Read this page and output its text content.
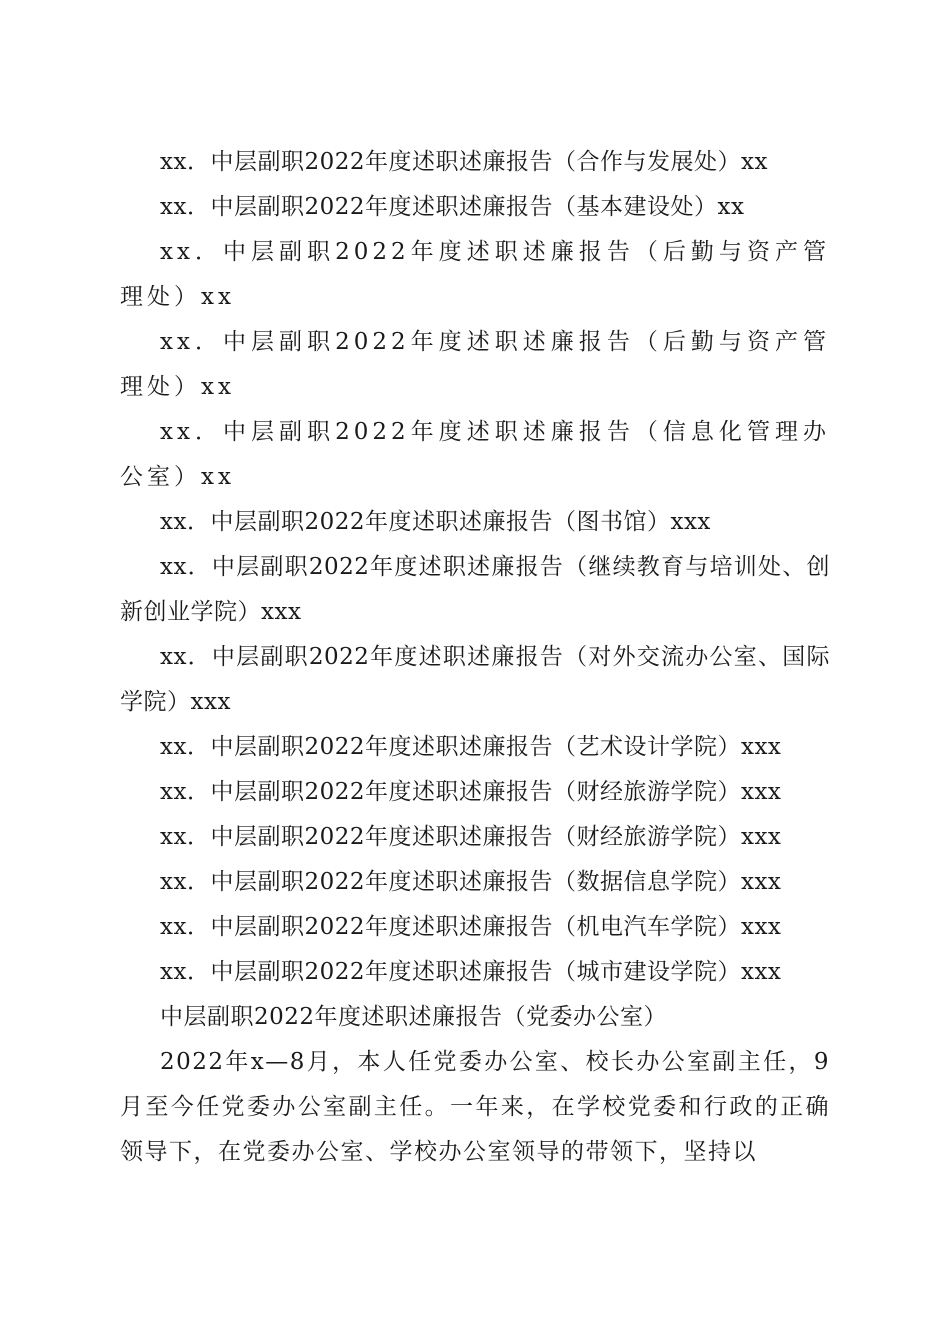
xx．中层副职2022年度述职述廉报告（合作与发展处）xx

xx．中层副职2022年度述职述廉报告（基本建设处）xx

xx．中层副职2022年度述职述廉报告（后勤与资产管理处）xx

xx．中层副职2022年度述职述廉报告（后勤与资产管理处）xx

xx．中层副职2022年度述职述廉报告（信息化管理办公室）xx

xx．中层副职2022年度述职述廉报告（图书馆）xxx

xx．中层副职2022年度述职述廉报告（继续教育与培训处、创新创业学院）xxx

xx．中层副职2022年度述职述廉报告（对外交流办公室、国际学院）xxx

xx．中层副职2022年度述职述廉报告（艺术设计学院）xxx

xx．中层副职2022年度述职述廉报告（财经旅游学院）xxx

xx．中层副职2022年度述职述廉报告（财经旅游学院）xxx

xx．中层副职2022年度述职述廉报告（数据信息学院）xxx

xx．中层副职2022年度述职述廉报告（机电汽车学院）xxx

xx．中层副职2022年度述职述廉报告（城市建设学院）xxx

中层副职2022年度述职述廉报告（党委办公室）

2022年x—8月，本人任党委办公室、校长办公室副主任，9月至今任党委办公室副主任。一年来，在学校党委和行政的正确领导下，在党委办公室、学校办公室领导的带领下，坚持以
